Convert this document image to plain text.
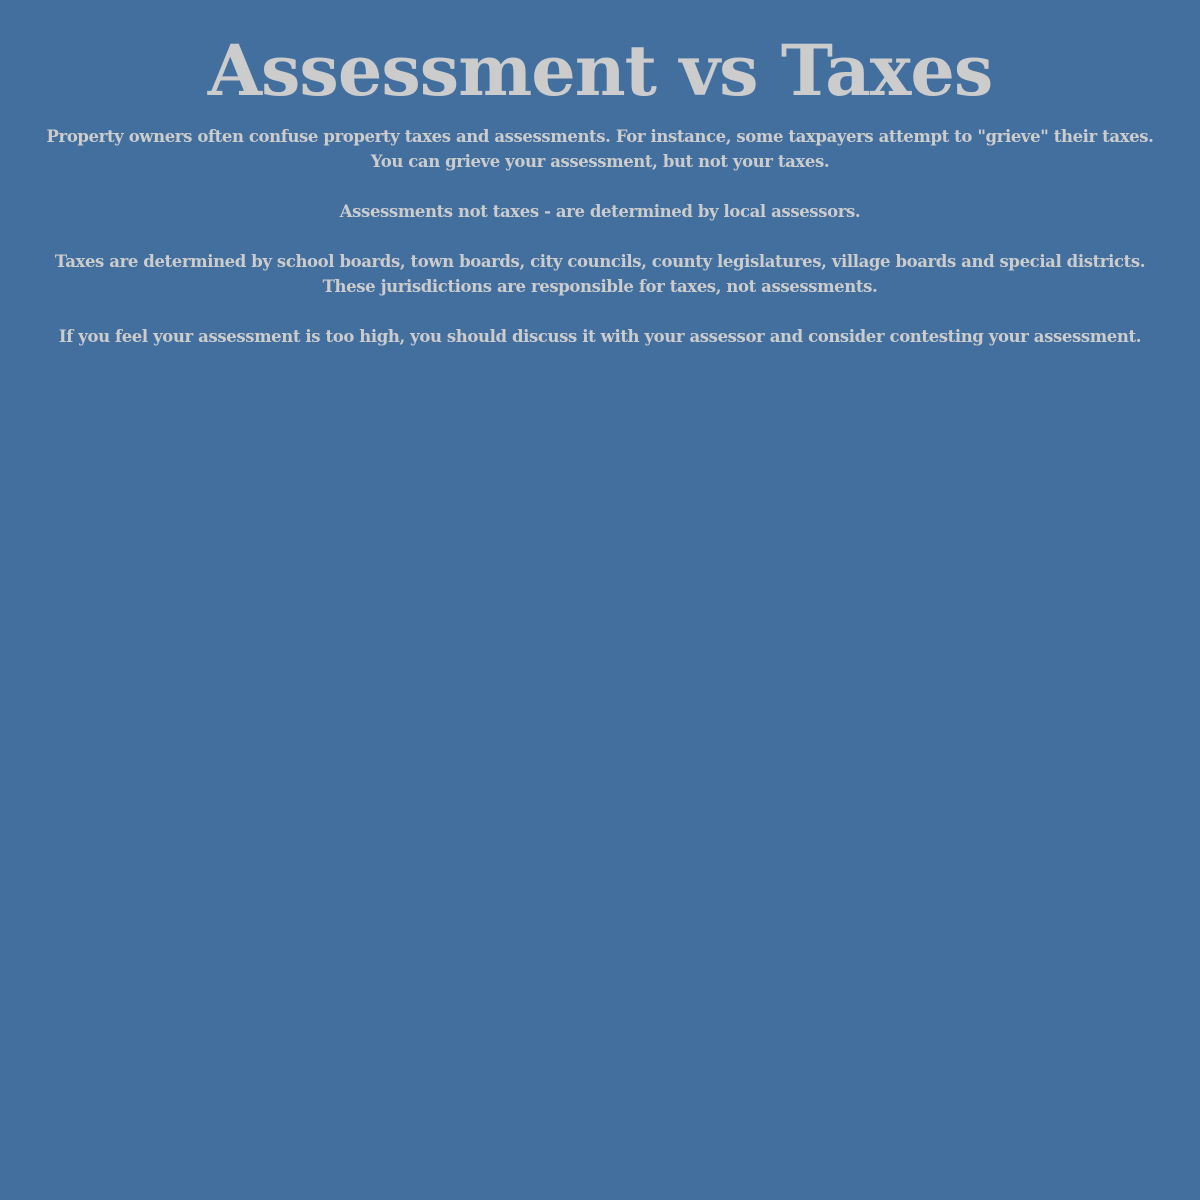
Assessment vs Taxes

Property owners often confuse property taxes and assessments. For instance, some taxpayers attempt to "grieve" their taxes.
You can grieve your assessment, but not your taxes.

Assessments not taxes - are determined by local assessors.

Taxes are determined by school boards, town boards, city councils, county legislatures, village boards and special districts.
These jurisdictions are responsible for taxes, not assessments.

If you feel your assessment is too high, you should discuss it with your assessor and consider contesting your assessment.
